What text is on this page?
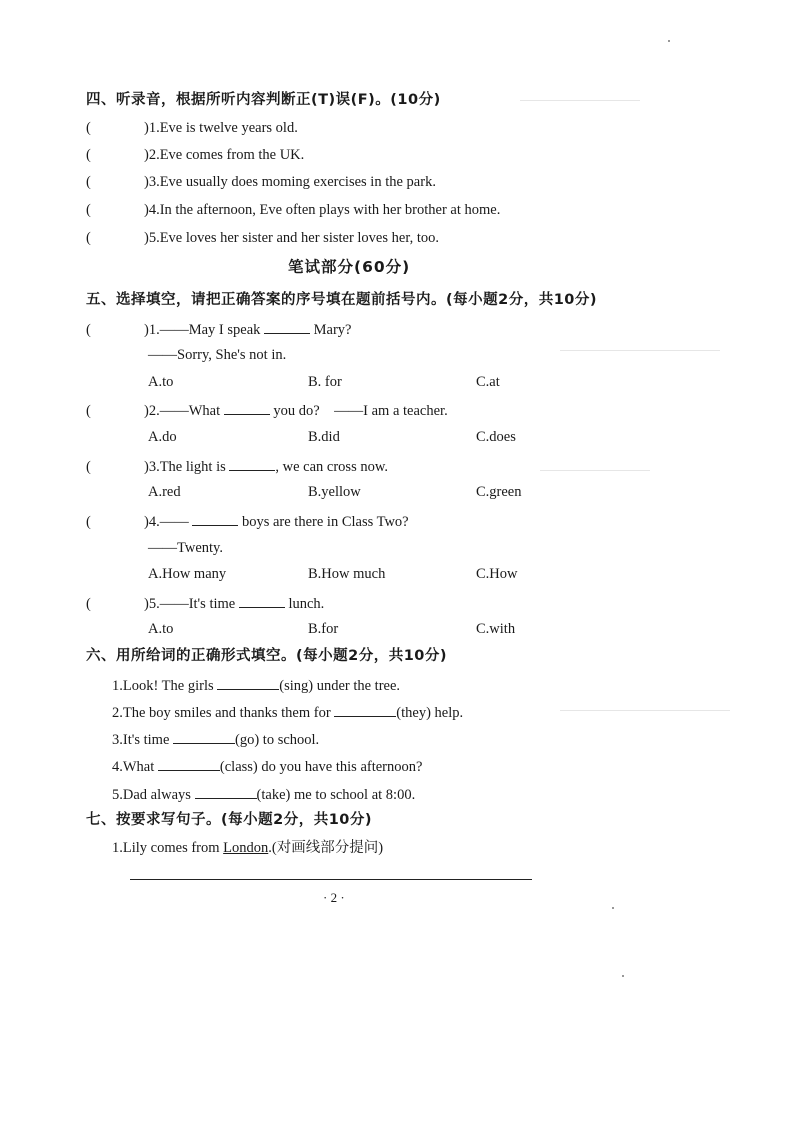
四、听录音，根据所听内容判断正(T)误(F)。(10分)
(	)1.Eve is twelve years old.
(	)2.Eve comes from the UK.
(	)3.Eve usually does moming exercises in the park.
(	)4.In the afternoon, Eve often plays with her brother at home.
(	)5.Eve loves her sister and her sister loves her, too.
笔试部分(60分)
五、选择填空，请把正确答案的序号填在题前括号内。(每小题2分，共10分)
(	)1.——May I speak	Mary?
——Sorry, She's not in.
A.to	B. for	C.at
(	)2.——What	you do? ——I am a teacher.
A.do	B.did	C.does
(	)3.The light is	, we can cross now.
A.red	B.yellow	C.green
(	)4.——	boys are there in Class Two?
——Twenty.
A.How many	B.How much	C.How
(	)5.——It's time	lunch.
A.to	B.for	C.with
六、用所给词的正确形式填空。(每小题2分，共10分)
1.Look! The girls	(sing) under the tree.
2.The boy smiles and thanks them for	(they) help.
3.It's time	(go) to school.
4.What	(class) do you have this afternoon?
5.Dad always	(take) me to school at 8:00.
七、按要求写句子。(每小题2分，共10分)
1.Lily comes from London.(对画线部分提问)
· 2 ·
